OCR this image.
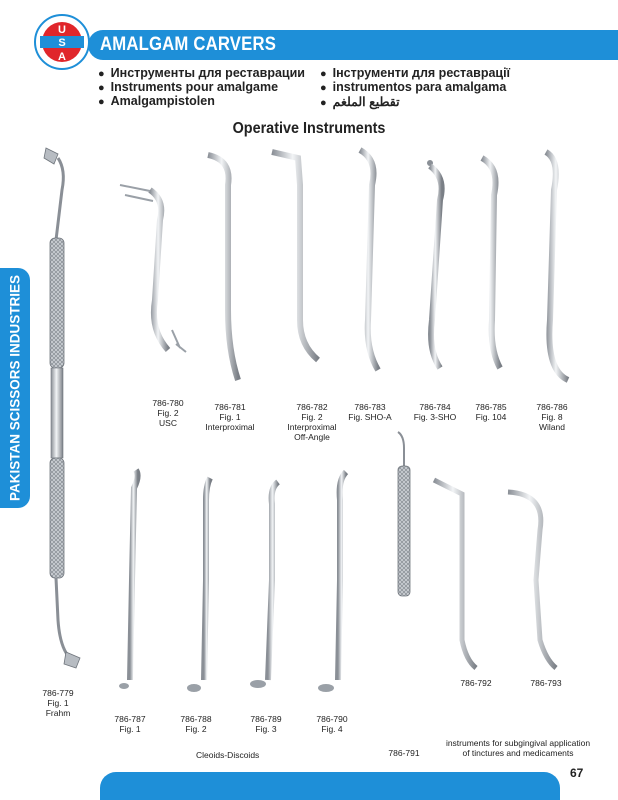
AMALGAM CARVERS
U
S
A
PAKISTAN SCISSORS INDUSTRIES
● Инструменты для реставрации ● Інструменти для реставрації
● Instruments pour amalgame	● instrumentos para amalgama
● Amalgampistolen	● تقطيع الملغم
Operative Instruments
786-779
Fig. 1
Frahm
786-780
Fig. 2
USC
786-781
Fig. 1
Interproximal
786-782
Fig. 2
Interproximal
Off-Angle
786-783
Fig. SHO-A
786-784
Fig. 3-SHO
786-785
Fig. 104
786-786
Fig. 8
Wiland
786-787
Fig. 1
786-788
Fig. 2
786-789
Fig. 3
786-790
Fig. 4
786-791
786-792	786-793
Cleoids-Discoids
instruments for subgingival application
of tinctures and medicaments
67
